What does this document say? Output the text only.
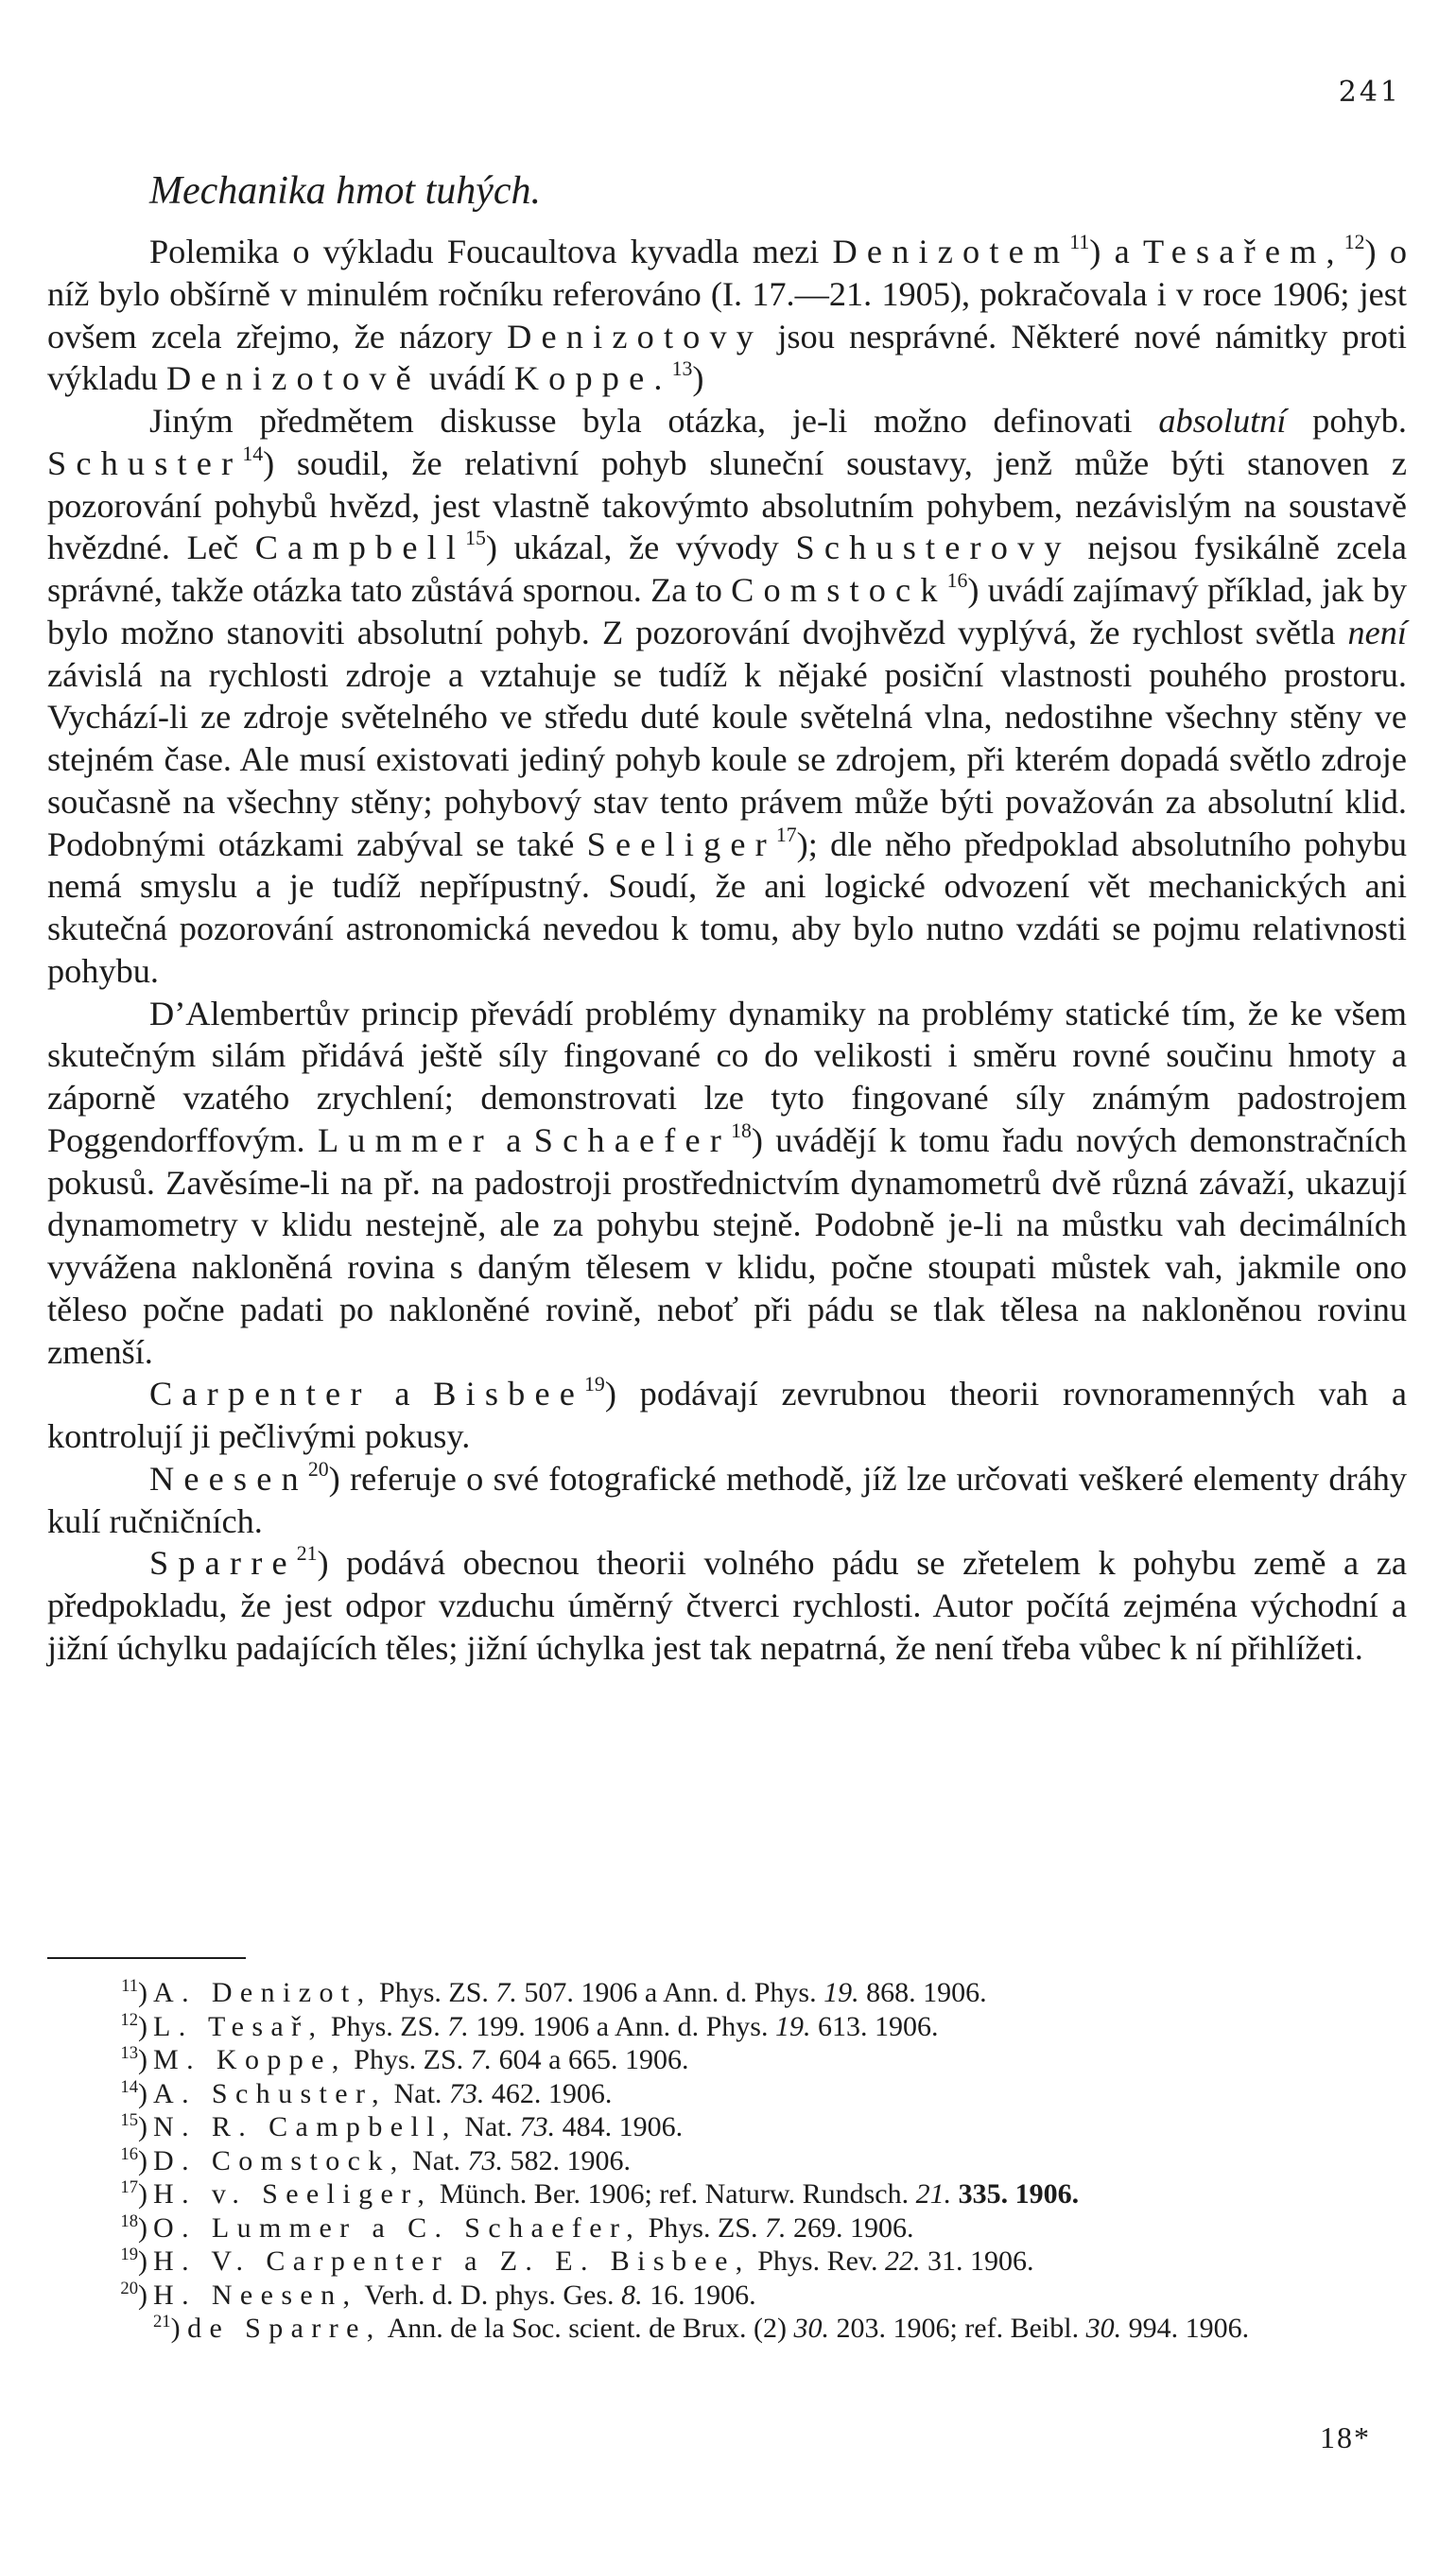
241
Mechanika hmot tuhých.

Polemika o výkladu Foucaultova kyvadla mezi Denizotem$^{11}$) a Tesařem,$^{12}$) o níž bylo obšírně v minulém ročníku referováno (I. 17.—21. 1905), pokračovala i v roce 1906; jest ovšem zcela zřejmo, že názory Denizotovy jsou nesprávné. Některé nové námitky proti výkladu Denizotově uvádí Koppe.$^{13}$)

Jiným předmětem diskusse byla otázka, je-li možno definovati absolutní pohyb. Schuster$^{14}$) soudil, že relativní pohyb sluneční soustavy, jenž může býti stanoven z pozorování pohybů hvězd, jest vlastně takovýmto absolutním pohybem, nezávislým na soustavě hvězdné. Leč Campbell$^{15}$) ukázal, že vývody Schusterovy nejsou fysikálně zcela správné, takže otázka tato zůstává spornou. Za to Comstock$^{16}$) uvádí zajímavý příklad, jak by bylo možno stanoviti absolutní pohyb. Z pozorování dvojhvězd vyplývá, že rychlost světla není závislá na rychlosti zdroje a vztahuje se tudíž k nějaké posiční vlastnosti pouhého prostoru. Vychází-li ze zdroje světelného ve středu duté koule světelná vlna, nedostihne všechny stěny ve stejném čase. Ale musí existovati jediný pohyb koule se zdrojem, při kterém dopadá světlo zdroje současně na všechny stěny; pohybový stav tento právem může býti považován za absolutní klid. Podobnými otázkami zabýval se také Seeliger$^{17}$); dle něho předpoklad absolutního pohybu nemá smyslu a je tudíž nepřípustný. Soudí, že ani logické odvození vět mechanických ani skutečná pozorování astronomická nevedou k tomu, aby bylo nutno vzdáti se pojmu relativnosti pohybu.

D’Alembertův princip převádí problémy dynamiky na problémy statické tím, že ke všem skutečným silám přidává ještě síly fingované co do velikosti i směru rovné součinu hmoty a záporně vzatého zrychlení; demonstrovati lze tyto fingované síly známým padostrojem Poggendorffovým. Lummer a Schaefer$^{18}$) uvádějí k tomu řadu nových demonstračních pokusů. Zavěsíme-li na př. na padostroji prostřednictvím dynamometrů dvě různá závaží, ukazují dynamometry v klidu nestejně, ale za pohybu stejně. Podobně je-li na můstku vah decimálních vyvážena nakloněná rovina s daným tělesem v klidu, počne stoupati můstek vah, jakmile ono těleso počne padati po nakloněné rovině, neboť při pádu se tlak tělesa na nakloněnou rovinu zmenší.

Carpenter a Bisbee$^{19}$) podávají zevrubnou theorii rovnoramenných vah a kontrolují ji pečlivými pokusy.

Neesen$^{20}$) referuje o své fotografické methodě, jíž lze určovati veškeré elementy dráhy kulí ručničních.

Sparre$^{21}$) podává obecnou theorii volného pádu se zřetelem k pohybu země a za předpokladu, že jest odpor vzduchu úměrný čtverci rychlosti. Autor počítá zejména východní a jižní úchylku padajících těles; jižní úchylka jest tak nepatrná, že není třeba vůbec k ní přihlížeti.

$^{11}$) A. Denizot, Phys. ZS. 7. 507. 1906 a Ann. d. Phys. 19. 868. 1906.
$^{12}$) L. Tesař, Phys. ZS. 7. 199. 1906 a Ann. d. Phys. 19. 613. 1906.
$^{13}$) M. Koppe, Phys. ZS. 7. 604 a 665. 1906.
$^{14}$) A. Schuster, Nat. 73. 462. 1906.
$^{15}$) N. R. Campbell, Nat. 73. 484. 1906.
$^{16}$) D. Comstock, Nat. 73. 582. 1906.
$^{17}$) H. v. Seeliger, Münch. Ber. 1906; ref. Naturw. Rundsch. 21. 335. 1906.
$^{18}$) O. Lummer a C. Schaefer, Phys. ZS. 7. 269. 1906.
$^{19}$) H. V. Carpenter a Z. E. Bisbee, Phys. Rev. 22. 31. 1906.
$^{20}$) H. Neesen, Verh. d. D. phys. Ges. 8. 16. 1906.
$^{21}$) de Sparre, Ann. de la Soc. scient. de Brux. (2) 30. 203. 1906; ref. Beibl. 30. 994. 1906.
18*
